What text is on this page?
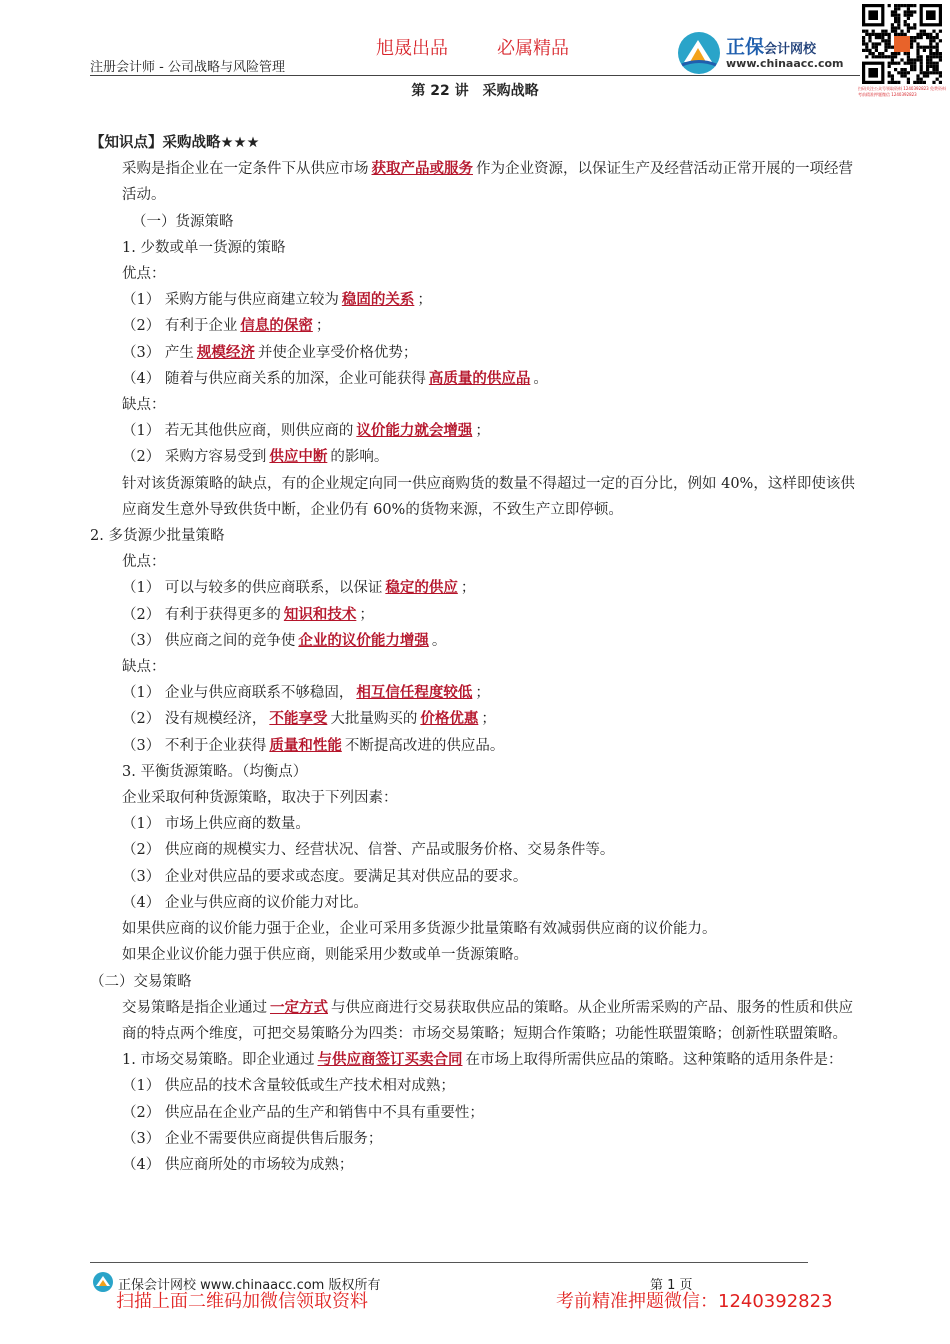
注册会计师 - 公司战略与风险管理
旭晟出品	必属精品	正保会计网校
www.chinaacc.com
扫码关注公众号领取资料 1240392823 免费资料 考前精准押题微信 1240392823
第 22 讲　采购战略
【知识点】采购战略★★★
采购是指企业在一定条件下从供应市场 获取产品或服务 作为企业资源，以保证生产及经营活动正常开展的一项经营活动。
（一）货源策略
1. 少数或单一货源的策略
优点：
（1） 采购方能与供应商建立较为 稳固的关系 ；
（2） 有利于企业 信息的保密 ；
（3） 产生 规模经济 并使企业享受价格优势；
（4） 随着与供应商关系的加深，企业可能获得 高质量的供应品 。
缺点：
（1） 若无其他供应商，则供应商的 议价能力就会增强 ；
（2） 采购方容易受到 供应中断 的影响。
针对该货源策略的缺点，有的企业规定向同一供应商购货的数量不得超过一定的百分比，例如 40%，这样即使该供应商发生意外导致供货中断，企业仍有 60%的货物来源，不致生产立即停顿。
2. 多货源少批量策略
优点：
（1） 可以与较多的供应商联系，以保证 稳定的供应 ；
（2） 有利于获得更多的 知识和技术 ；
（3） 供应商之间的竞争使 企业的议价能力增强 。
缺点：
（1） 企业与供应商联系不够稳固， 相互信任程度较低 ；
（2） 没有规模经济， 不能享受 大批量购买的 价格优惠 ；
（3） 不利于企业获得 质量和性能 不断提高改进的供应品。
3. 平衡货源策略。（均衡点）
企业采取何种货源策略，取决于下列因素：
（1） 市场上供应商的数量。
（2） 供应商的规模实力、经营状况、信誉、产品或服务价格、交易条件等。
（3） 企业对供应品的要求或态度。要满足其对供应品的要求。
（4） 企业与供应商的议价能力对比。
如果供应商的议价能力强于企业，企业可采用多货源少批量策略有效减弱供应商的议价能力。
如果企业议价能力强于供应商，则能采用少数或单一货源策略。
（二）交易策略
交易策略是指企业通过 一定方式 与供应商进行交易获取供应品的策略。从企业所需采购的产品、服务的性质和供应商的特点两个维度，可把交易策略分为四类：市场交易策略；短期合作策略；功能性联盟策略；创新性联盟策略。
1. 市场交易策略。即企业通过 与供应商签订买卖合同 在市场上取得所需供应品的策略。这种策略的适用条件是：
（1） 供应品的技术含量较低或生产技术相对成熟；
（2） 供应品在企业产品的生产和销售中不具有重要性；
（3） 企业不需要供应商提供售后服务；
（4） 供应商所处的市场较为成熟；
正保会计网校 www.chinaacc.com 版权所有	第 1 页
扫描上面二维码加微信领取资料	考前精准押题微信：1240392823
